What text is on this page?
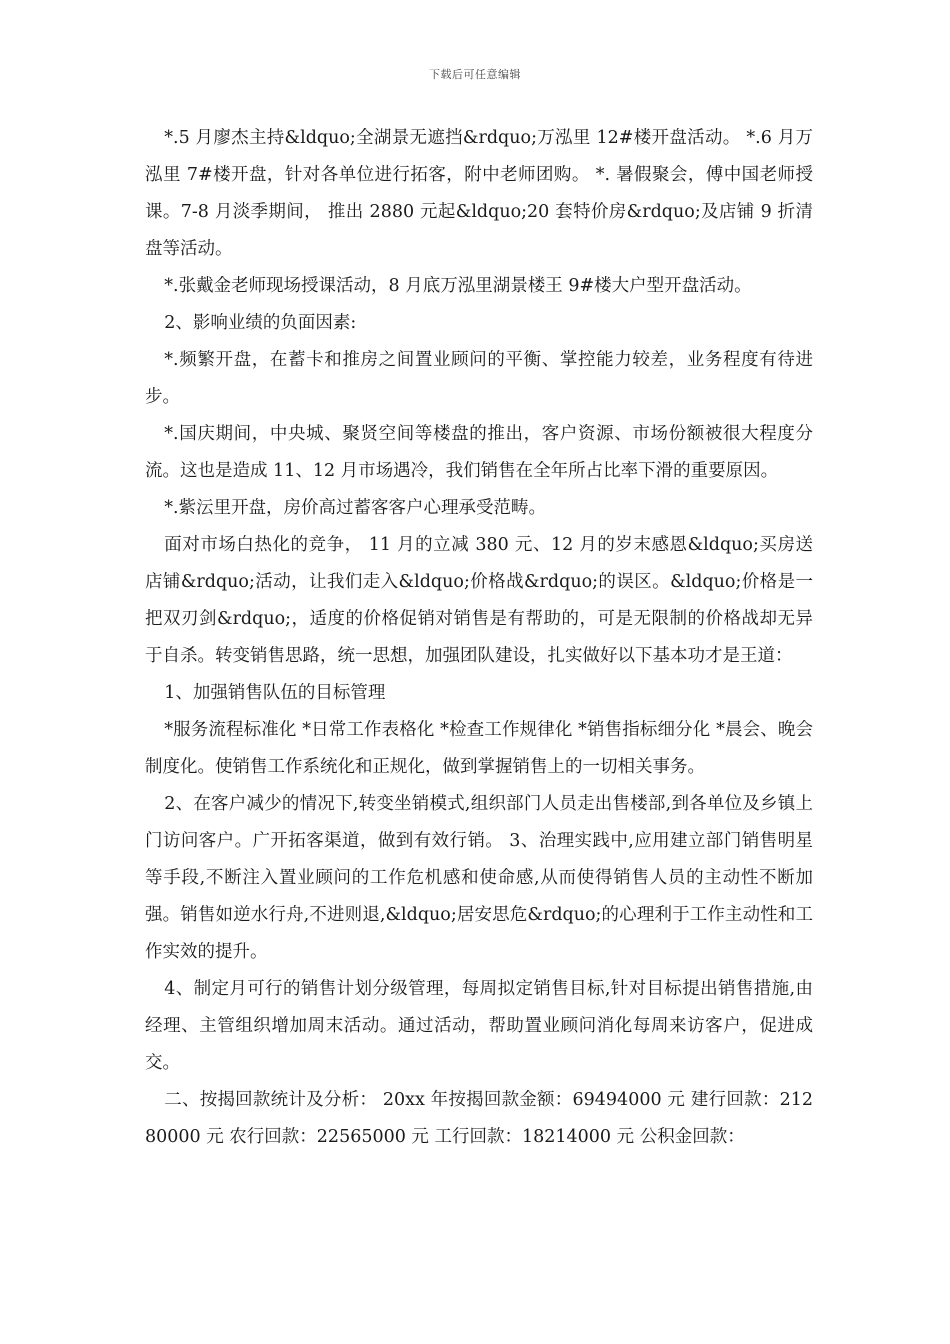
下载后可任意编辑

*.5 月廖杰主持&ldquo;全湖景无遮挡&rdquo;万泓里 12#楼开盘活动。 *.6 月万泓里 7#楼开盘，针对各单位进行拓客，附中老师团购。 *. 暑假聚会，傅中国老师授课。7-8 月淡季期间， 推出 2880 元起&ldquo;20 套特价房&rdquo;及店铺 9 折清盘等活动。

*.张戴金老师现场授课活动，8 月底万泓里湖景楼王 9#楼大户型开盘活动。

2、影响业绩的负面因素:

*.频繁开盘，在蓄卡和推房之间置业顾问的平衡、掌控能力较差，业务程度有待进步。

*.国庆期间，中央城、聚贤空间等楼盘的推出，客户资源、市场份额被很大程度分流。这也是造成 11、12 月市场遇冷，我们销售在全年所占比率下滑的重要原因。

*.紫沄里开盘，房价高过蓄客客户心理承受范畴。

面对市场白热化的竞争， 11 月的立减 380 元、12 月的岁末感恩&ldquo;买房送店铺&rdquo;活动，让我们走入&ldquo;价格战&rdquo;的误区。&ldquo;价格是一把双刃剑&rdquo;，适度的价格促销对销售是有帮助的，可是无限制的价格战却无异于自杀。转变销售思路，统一思想，加强团队建设，扎实做好以下基本功才是王道：

1、加强销售队伍的目标管理

*服务流程标准化 *日常工作表格化 *检查工作规律化 *销售指标细分化 *晨会、晚会制度化。使销售工作系统化和正规化，做到掌握销售上的一切相关事务。

2、在客户减少的情况下,转变坐销模式,组织部门人员走出售楼部,到各单位及乡镇上门访问客户。广开拓客渠道，做到有效行销。 3、治理实践中,应用建立部门销售明星等手段,不断注入置业顾问的工作危机感和使命感,从而使得销售人员的主动性不断加强。销售如逆水行舟,不进则退,&ldquo;居安思危&rdquo;的心理利于工作主动性和工作实效的提升。

4、制定月可行的销售计划分级管理，每周拟定销售目标,针对目标提出销售措施,由经理、主管组织增加周末活动。通过活动，帮助置业顾问消化每周来访客户，促进成交。

二、按揭回款统计及分析： 20xx 年按揭回款金额：69494000 元 建行回款：21280000 元 农行回款：22565000 元 工行回款：18214000 元 公积金回款：
